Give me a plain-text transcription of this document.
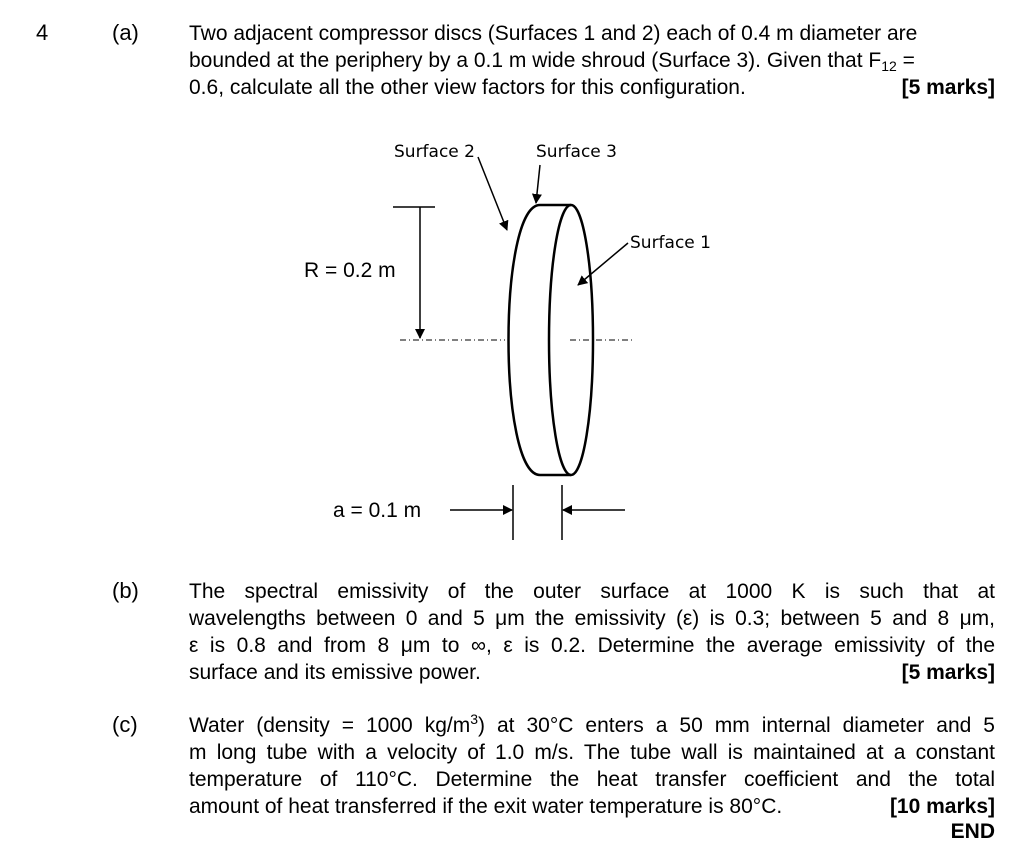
4	(a) Two adjacent compressor discs (Surfaces 1 and 2) each of 0.4 m diameter are
bounded at the periphery by a 0.1 m wide shroud (Surface 3). Given that $F_{12}$ =
0.6, calculate all the other view factors for this configuration.	[5 marks]
Surface 2	Surface 3
Surface 1
R = 0.2 m
a = 0.1 m
(b) The spectral emissivity of the outer surface at 1000 K is such that at
wavelengths between 0 and 5 μm the emissivity (ε) is 0.3; between 5 and 8 μm,
ε is 0.8 and from 8 μm to ∞, ε is 0.2. Determine the average emissivity of the
surface and its emissive power.	[5 marks]
(c) Water (density = 1000 $kg/m^3$) at 30°C enters a 50 mm internal diameter and 5
m long tube with a velocity of 1.0 m/s. The tube wall is maintained at a constant
temperature of 110°C. Determine the heat transfer coefficient and the total
amount of heat transferred if the exit water temperature is 80°C.	[10 marks]
END
